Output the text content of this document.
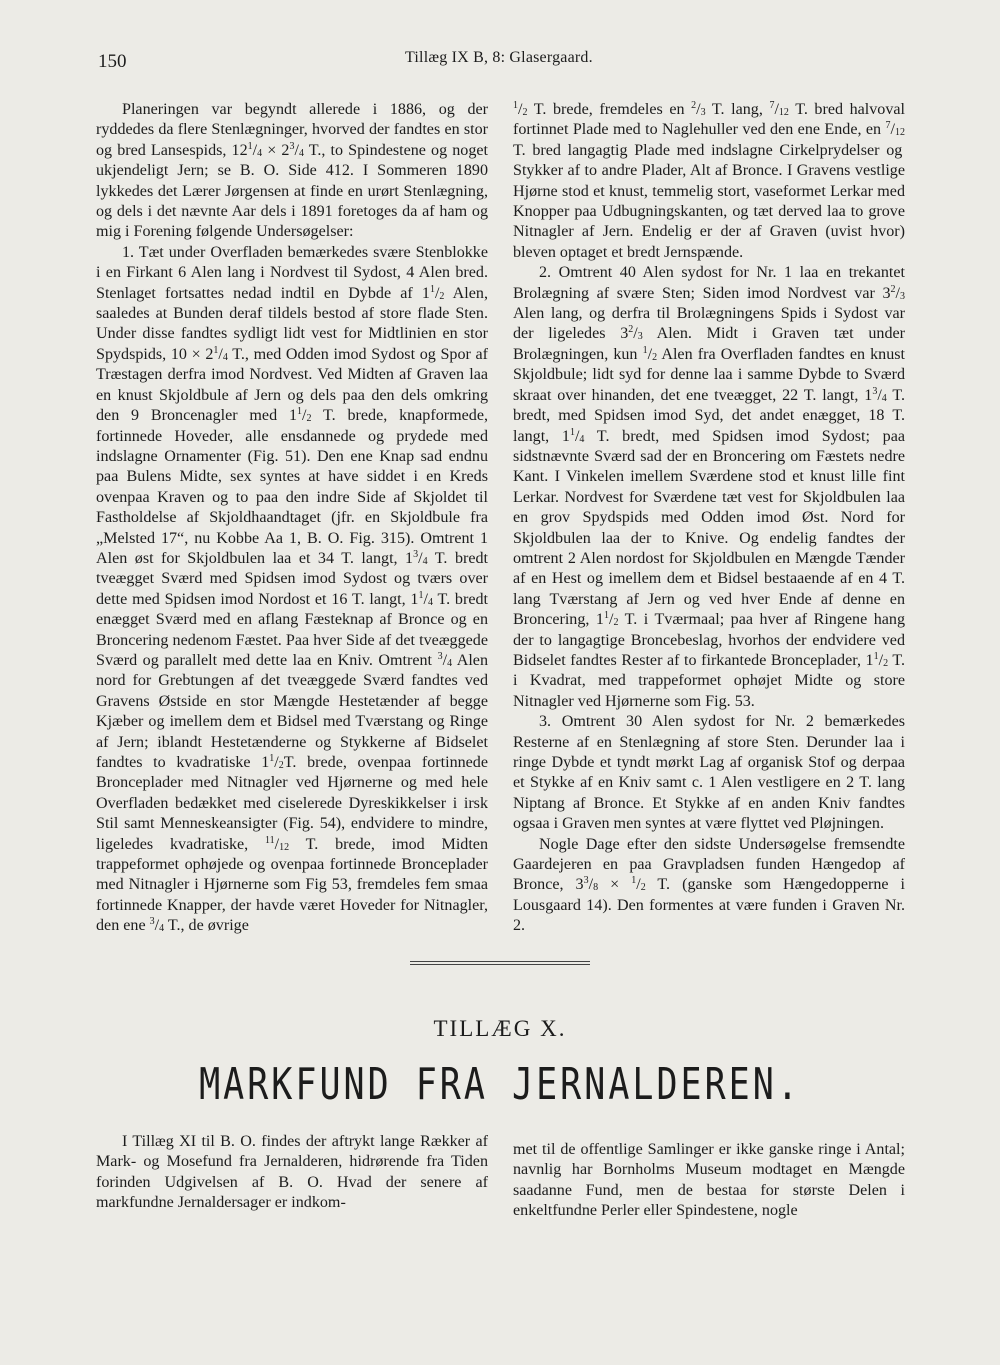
150	Tillæg IX B, 8: Glasergaard.

Planeringen var begyndt allerede i 1886, og der ryddedes da flere Stenlægninger, hvorved der fandtes en stor og bred Lansespids, $12^1/_4 \times 2^3/_4$ T., to Spindestene og noget ukjendeligt Jern; se B. O. Side 412. I Sommeren 1890 lykkedes det Lærer Jørgensen at finde en urørt Stenlægning, og dels i det nævnte Aar dels i 1891 foretoges da af ham og mig i Forening følgende Undersøgelser:

1. Tæt under Overfladen bemærkedes svære Stenblokke i en Firkant 6 Alen lang i Nordvest til Sydost, 4 Alen bred. Stenlaget fortsattes nedad indtil en Dybde af $1^1/_2$ Alen, saaledes at Bunden deraf tildels bestod af store flade Sten. Under disse fandtes sydligt lidt vest for Midtlinien en stor Spydspids, $10 \times 2^1/_4$ T., med Odden imod Sydost og Spor af Træstagen derfra imod Nordvest. Ved Midten af Graven laa en knust Skjoldbule af Jern og dels paa den dels omkring den 9 Broncenagler med $1^1/_2$ T. brede, knapformede, fortinnede Hoveder, alle ensdannede og prydede med indslagne Ornamenter (Fig. 51). Den ene Knap sad endnu paa Bulens Midte, sex syntes at have siddet i en Kreds ovenpaa Kraven og to paa den indre Side af Skjoldet til Fastholdelse af Skjoldhaandtaget (jfr. en Skjoldbule fra „Melsted 17“, nu Kobbe Aa 1, B. O. Fig. 315). Omtrent 1 Alen øst for Skjoldbulen laa et 34 T. langt, $1^3/_4$ T. bredt tveægget Sværd med Spidsen imod Sydost og tværs over dette med Spidsen imod Nordost et 16 T. langt, $1^1/_4$ T. bredt enægget Sværd med en aflang Fæsteknap af Bronce og en Broncering nedenom Fæstet. Paa hver Side af det tveæggede Sværd og parallelt med dette laa en Kniv. Omtrent $^3/_4$ Alen nord for Grebtungen af det tveæggede Sværd fandtes ved Gravens Østside en stor Mængde Hestetænder af begge Kjæber og imellem dem et Bidsel med Tværstang og Ringe af Jern; iblandt Hestetænderne og Stykkerne af Bidselet fandtes to kvadratiske $1^1/_2T$. brede, ovenpaa fortinnede Bronceplader med Nitnagler ved Hjørnerne og med hele Overfladen bedækket med ciselerede Dyreskikkelser i irsk Stil samt Menneskeansigter (Fig. 54), endvidere to mindre, ligeledes kvadratiske, $^{11}/_{12}$ T. brede, imod Midten trappeformet ophøjede og ovenpaa fortinnede Bronceplader med Nitnagler i Hjørnerne som Fig 53, fremdeles fem smaa fortinnede Knapper, der havde været Hoveder for Nitnagler, den ene $^3/_4$ T., de øvrige

$^1/_2$ T. brede, fremdeles en $^2/_3$ T. lang, $^7/_{12}$ T. bred halvoval fortinnet Plade med to Naglehuller ved den ene Ende, en $^7/_{12}$ T. bred langagtig Plade med indslagne Cirkelprydelser og Stykker af to andre Plader, Alt af Bronce. I Gravens vestlige Hjørne stod et knust, temmelig stort, vaseformet Lerkar med Knopper paa Udbugningskanten, og tæt derved laa to grove Nitnagler af Jern. Endelig er der af Graven (uvist hvor) bleven optaget et bredt Jernspænde.

2. Omtrent 40 Alen sydost for Nr. 1 laa en trekantet Brolægning af svære Sten; Siden imod Nordvest var $3^2/_3$ Alen lang, og derfra til Brolægningens Spids i Sydost var der ligeledes $3^2/_3$ Alen. Midt i Graven tæt under Brolægningen, kun $^1/_2$ Alen fra Overfladen fandtes en knust Skjoldbule; lidt syd for denne laa i samme Dybde to Sværd skraat over hinanden, det ene tveægget, 22 T. langt, $1^3/_4$ T. bredt, med Spidsen imod Syd, det andet enægget, 18 T. langt, $1^1/_4$ T. bredt, med Spidsen imod Sydost; paa sidstnævnte Sværd sad der en Broncering om Fæstets nedre Kant. I Vinkelen imellem Sværdene stod et knust lille fint Lerkar. Nordvest for Sværdene tæt vest for Skjoldbulen laa en grov Spydspids med Odden imod Øst. Nord for Skjoldbulen laa der to Knive. Og endelig fandtes der omtrent 2 Alen nordost for Skjoldbulen en Mængde Tænder af en Hest og imellem dem et Bidsel bestaaende af en 4 T. lang Tværstang af Jern og ved hver Ende af denne en Broncering, $1^1/_2$ T. i Tværmaal; paa hver af Ringene hang der to langagtige Broncebeslag, hvorhos der endvidere ved Bidselet fandtes Rester af to firkantede Bronceplader, $1^1/_2$ T. i Kvadrat, med trappeformet ophøjet Midte og store Nitnagler ved Hjørnerne som Fig. 53.

3. Omtrent 30 Alen sydost for Nr. 2 bemærkedes Resterne af en Stenlægning af store Sten. Derunder laa i ringe Dybde et tyndt mørkt Lag af organisk Stof og derpaa et Stykke af en Kniv samt c. 1 Alen vestligere en 2 T. lang Niptang af Bronce. Et Stykke af en anden Kniv fandtes ogsaa i Graven men syntes at være flyttet ved Pløjningen.

Nogle Dage efter den sidste Undersøgelse fremsendte Gaardejeren en paa Gravpladsen funden Hængedop af Bronce, $3^3/_8 \times ^1/_2$ T. (ganske som Hængedopperne i Lousgaard 14). Den formentes at være funden i Graven Nr. 2.

TILLÆG X.
MARKFUND FRA JERNALDEREN.

I Tillæg XI til B. O. findes der aftrykt lange Rækker af Mark- og Mosefund fra Jernalderen, hidrørende fra Tiden forinden Udgivelsen af B. O. Hvad der senere af markfundne Jernaldersager er indkom-

met til de offentlige Samlinger er ikke ganske ringe i Antal; navnlig har Bornholms Museum modtaget en Mængde saadanne Fund, men de bestaa for største Delen i enkeltfundne Perler eller Spindestene, nogle
